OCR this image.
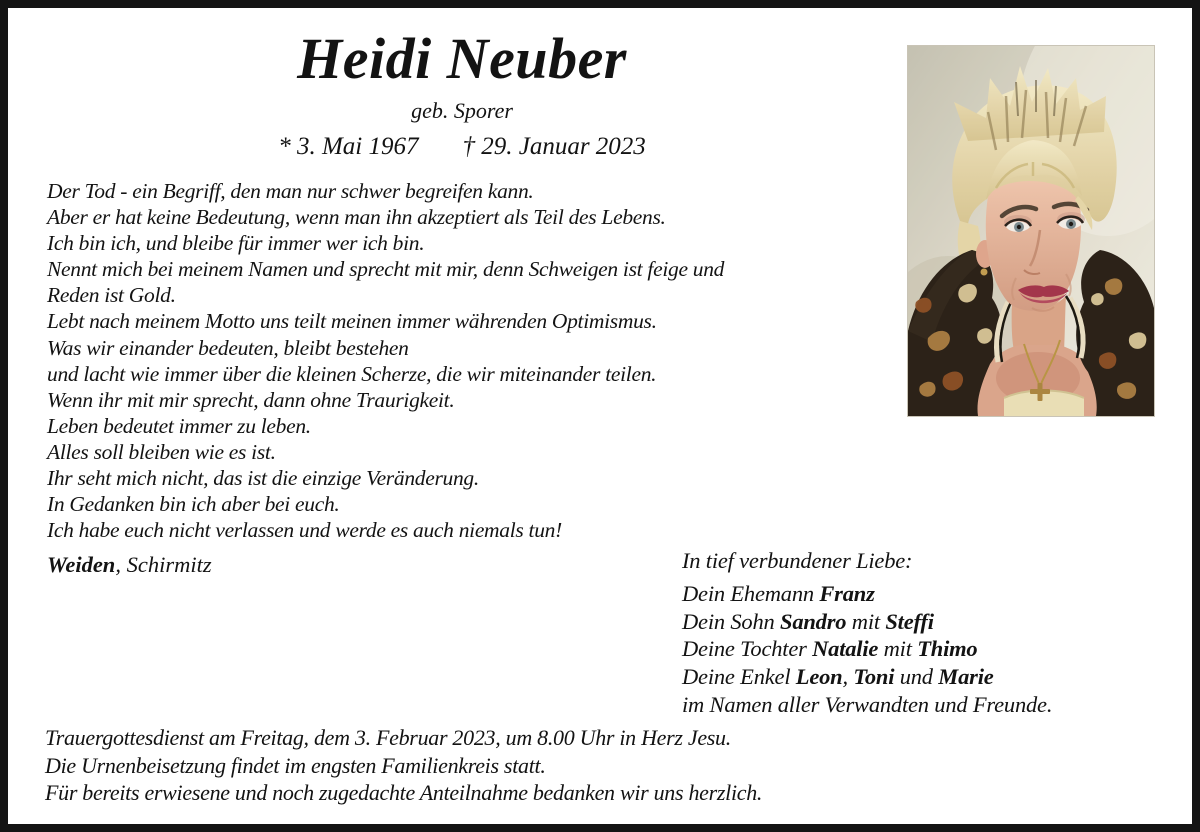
Heidi Neuber
geb. Sporer
* 3. Mai 1967 † 29. Januar 2023
Der Tod - ein Begriff, den man nur schwer begreifen kann.
Aber er hat keine Bedeutung, wenn man ihn akzeptiert als Teil des Lebens.
Ich bin ich, und bleibe für immer wer ich bin.
Nennt mich bei meinem Namen und sprecht mit mir, denn Schweigen ist feige und
Reden ist Gold.
Lebt nach meinem Motto uns teilt meinen immer währenden Optimismus.
Was wir einander bedeuten, bleibt bestehen
und lacht wie immer über die kleinen Scherze, die wir miteinander teilen.
Wenn ihr mit mir sprecht, dann ohne Traurigkeit.
Leben bedeutet immer zu leben.
Alles soll bleiben wie es ist.
Ihr seht mich nicht, das ist die einzige Veränderung.
In Gedanken bin ich aber bei euch.
Ich habe euch nicht verlassen und werde es auch niemals tun!
Weiden, Schirmitz	In tief verbundener Liebe:
Dein Ehemann Franz
Dein Sohn Sandro mit Steffi
Deine Tochter Natalie mit Thimo
Deine Enkel Leon, Toni und Marie
im Namen aller Verwandten und Freunde.
Trauergottesdienst am Freitag, dem 3. Februar 2023, um 8.00 Uhr in Herz Jesu.
Die Urnenbeisetzung findet im engsten Familienkreis statt.
Für bereits erwiesene und noch zugedachte Anteilnahme bedanken wir uns herzlich.
